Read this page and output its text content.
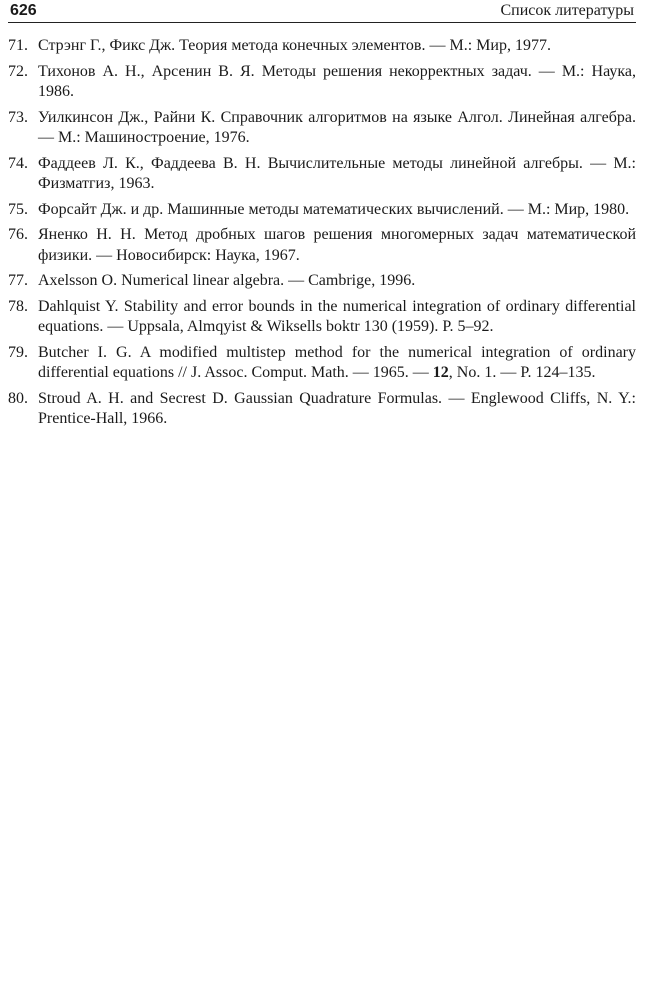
626	Список литературы
71. Стрэнг Г., Фикс Дж. Теория метода конечных элементов. — М.: Мир, 1977.
72. Тихонов А. Н., Арсенин В. Я. Методы решения некорректных задач. — М.: Наука, 1986.
73. Уилкинсон Дж., Райни К. Справочник алгоритмов на языке Алгол. Линейная алгебра. — М.: Машиностроение, 1976.
74. Фаддеев Л. К., Фаддеева В. Н. Вычислительные методы линейной алгебры. — М.: Физматгиз, 1963.
75. Форсайт Дж. и др. Машинные методы математических вычислений. — М.: Мир, 1980.
76. Яненко Н. Н. Метод дробных шагов решения многомерных задач математической физики. — Новосибирск: Наука, 1967.
77. Axelsson O. Numerical linear algebra. — Cambrige, 1996.
78. Dahlquist Y. Stability and error bounds in the numerical integration of ordinary differential equations. — Uppsala, Almqyist & Wiksells boktr 130 (1959). P. 5–92.
79. Butcher I. G. A modified multistep method for the numerical integration of ordinary differential equations // J. Assoc. Comput. Math. — 1965. — 12, No. 1. — P. 124–135.
80. Stroud A. H. and Secrest D. Gaussian Quadrature Formulas. — Englewood Cliffs, N. Y.: Prentice-Hall, 1966.
